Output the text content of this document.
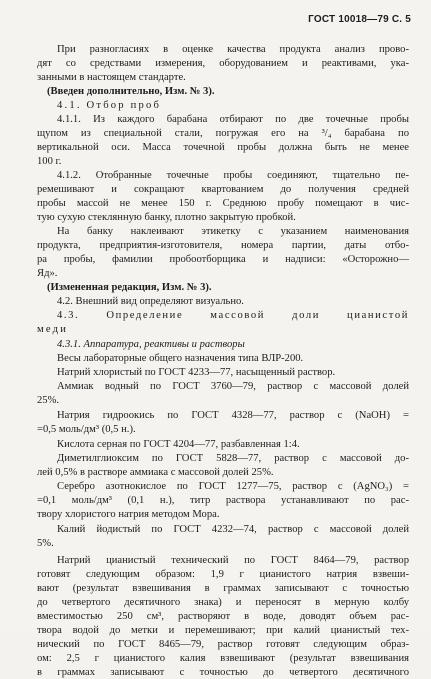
ГОСТ 10018—79 С. 5
При разногласиях в оценке качества продукта анализ прово-
дят со средствами измерения, оборудованием и реактивами, ука-
занными в настоящем стандарте.
(Введен дополнительно, Изм. № 3).
4.1. Отбор проб
4.1.1. Из каждого барабана отбирают по две точечные пробы
щупом из специальной стали, погружая его на ³/₄ барабана по
вертикальной оси. Масса точечной пробы должна быть не менее
100 г.
4.1.2. Отобранные точечные пробы соединяют, тщательно пе-
ремешивают и сокращают квартованием до получения средней
пробы массой не менее 150 г. Среднюю пробу помещают в чис-
тую сухую стеклянную банку, плотно закрытую пробкой.
На банку наклеивают этикетку с указанием наименования
продукта, предприятия-изготовителя, номера партии, даты отбо-
ра пробы, фамилии пробоотборщика и надписи: «Осторожно—
Яд».
(Измененная редакция, Изм. № 3).
4.2. Внешний вид определяют визуально.
4.3. Определение массовой доли цианистой
меди
4.3.1. Аппаратура, реактивы и растворы
Весы лабораторные общего назначения типа ВЛР-200.
Натрий хлористый по ГОСТ 4233—77, насыщенный раствор.
Аммиак водный по ГОСТ 3760—79, раствор с массовой долей
25%.
Натрия гидроокись по ГОСТ 4328—77, раствор c (NaOH) =
=0,5 моль/дм³ (0,5 н.).
Кислота серная по ГОСТ 4204—77, разбавленная 1:4.
Диметилглиоксим по ГОСТ 5828—77, раствор с массовой до-
лей 0,5% в растворе аммиака с массовой долей 25%.
Серебро азотнокислое по ГОСТ 1277—75, раствор c (AgNO₃) =
=0,1 моль/дм³ (0,1 н.), титр раствора устанавливают по рас-
твору хлористого натрия методом Мора.
Калий йодистый по ГОСТ 4232—74, раствор с массовой долей
5%.
Натрий цианистый технический по ГОСТ 8464—79, раствор
готовят следующим образом: 1,9 г цианистого натрия взвеши-
вают (результат взвешивания в граммах записывают с точностью
до четвертого десятичного знака) и переносят в мерную колбу
вместимостью 250 см³, растворяют в воде, доводят объем рас-
твора водой до метки и перемешивают; при калий цианистый тех-
нический по ГОСТ 8465—79, раствор готовят следующим образ-
ом: 2,5 г цианистого калия взвешивают (результат взвешивания
в граммах записывают с точностью до четвертого десятичного
